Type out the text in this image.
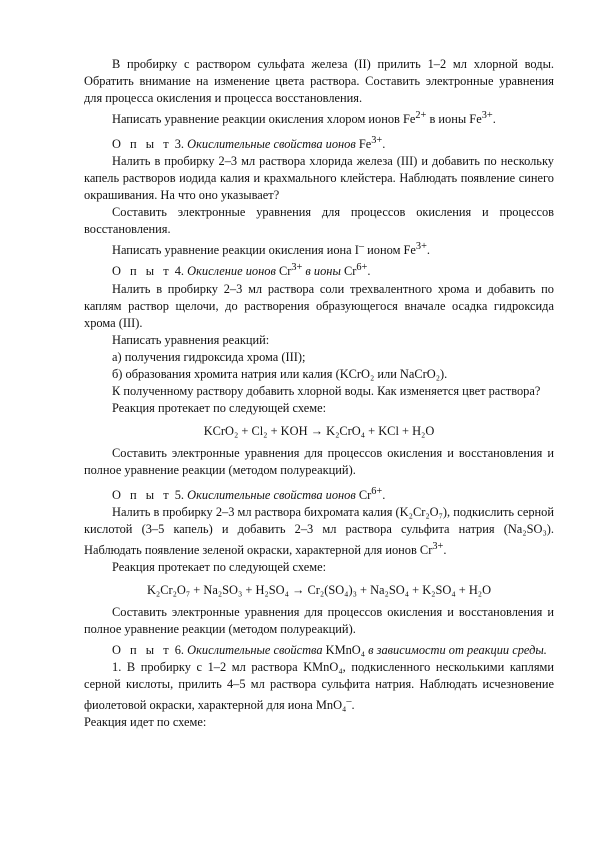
В пробирку с раствором сульфата железа (II) прилить 1–2 мл хлорной воды. Обратить внимание на изменение цвета раствора. Составить электронные уравнения для процесса окисления и процесса восстановления.

Написать уравнение реакции окисления хлором ионов $Fe^{2+}$ в ионы $Fe^{3+}$.

О п ы т 3. Окислительные свойства ионов $Fe^{3+}$.

Налить в пробирку 2–3 мл раствора хлорида железа (III) и добавить по нескольку капель растворов иодида калия и крахмального клейстера. Наблюдать появление синего окрашивания. На что оно указывает?

Составить электронные уравнения для процессов окисления и процессов восстановления.

Написать уравнение реакции окисления иона I– ионом $Fe^{3+}$.

О п ы т 4. Окисление ионов $Cr^{3+}$ в ионы $Cr^{6+}$.

Налить в пробирку 2–3 мл раствора соли трехвалентного хрома и добавить по каплям раствор щелочи, до растворения образующегося вначале осадка гидроксида хрома (III).

Написать уравнения реакций:

а) получения гидроксида хрома (III);

б) образования хромита натрия или калия (KCrO₂ или NaCrO₂).

К полученному раствору добавить хлорной воды. Как изменяется цвет раствора?

Реакция протекает по следующей схеме:

KCrO₂ + Cl₂ + KOH → K₂CrO₄ + KCl + H₂O

Составить электронные уравнения для процессов окисления и восстановления и полное уравнение реакции (методом полуреакций).

О п ы т 5. Окислительные свойства ионов $Cr^{6+}$.

Налить в пробирку 2–3 мл раствора бихромата калия (K₂Cr₂O₇), подкислить серной кислотой (3–5 капель) и добавить 2–3 мл раствора сульфита натрия (Na₂SO₃). Наблюдать появление зеленой окраски, характерной для ионов $Cr^{3+}$.

Реакция протекает по следующей схеме:

K₂Cr₂O₇ + Na₂SO₃ + H₂SO₄ → Cr₂(SO₄)₃ + Na₂SO₄ + K₂SO₄ + H₂O

Составить электронные уравнения для процессов окисления и восстановления и полное уравнение реакции (методом полуреакций).

О п ы т 6. Окислительные свойства KMnO₄ в зависимости от реакции среды.

1. В пробирку с 1–2 мл раствора KMnO₄, подкисленного несколькими каплями серной кислоты, прилить 4–5 мл раствора сульфита натрия. Наблюдать исчезновение фиолетовой окраски, характерной для иона MnO₄–.

Реакция идет по схеме:
